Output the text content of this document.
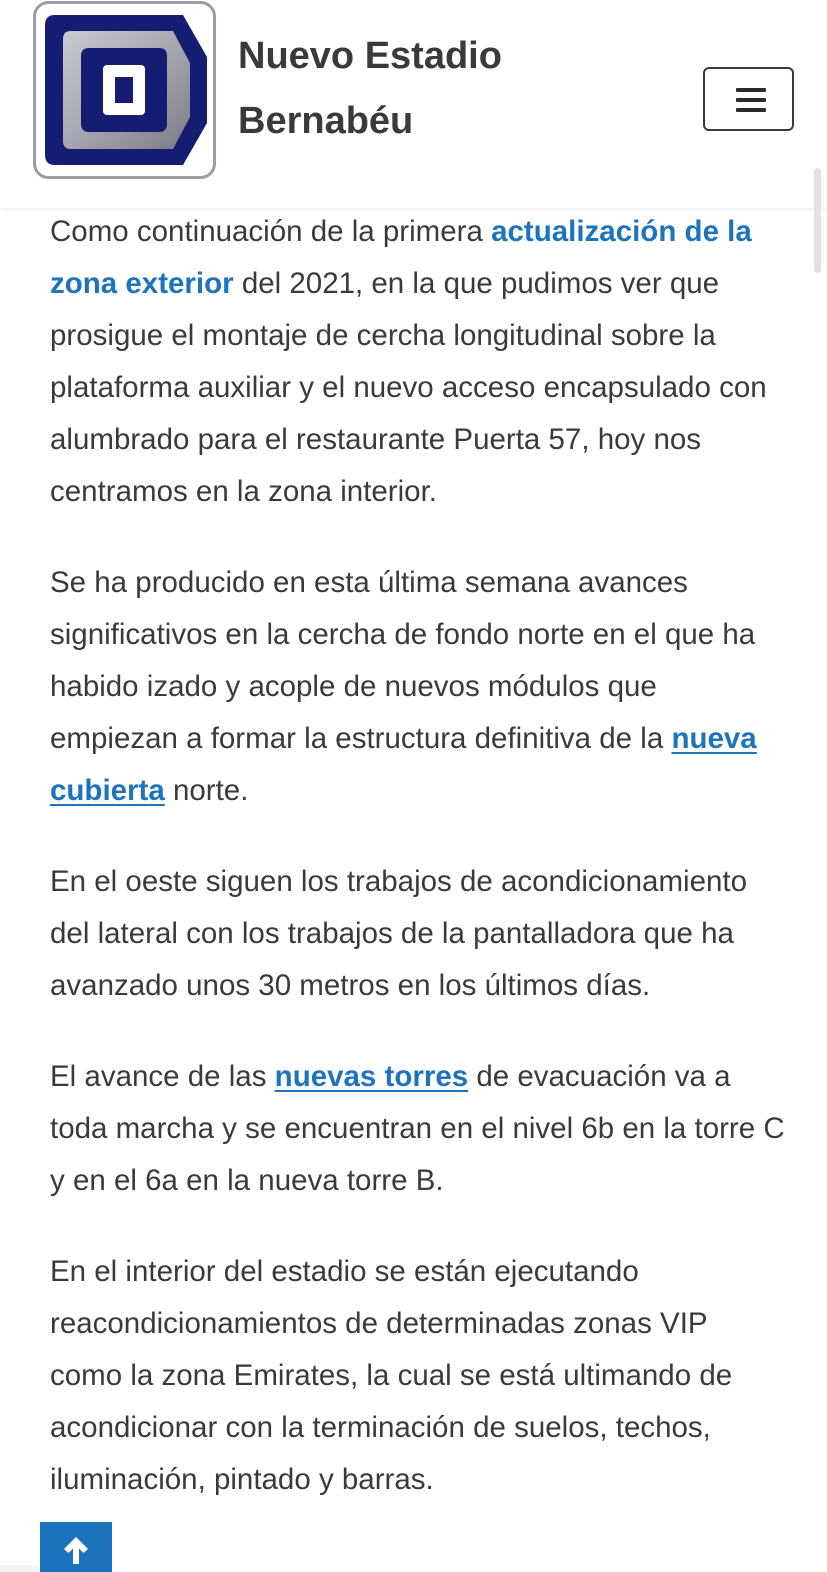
Nuevo Estadio
Bernabéu

Como continuación de la primera actualización de la zona exterior del 2021, en la que pudimos ver que prosigue el montaje de cercha longitudinal sobre la plataforma auxiliar y el nuevo acceso encapsulado con alumbrado para el restaurante Puerta 57, hoy nos centramos en la zona interior.

Se ha producido en esta última semana avances significativos en la cercha de fondo norte en el que ha habido izado y acople de nuevos módulos que empiezan a formar la estructura definitiva de la nueva cubierta norte.

En el oeste siguen los trabajos de acondicionamiento del lateral con los trabajos de la pantalladora que ha avanzado unos 30 metros en los últimos días.

El avance de las nuevas torres de evacuación va a toda marcha y se encuentran en el nivel 6b en la torre C y en el 6a en la nueva torre B.

En el interior del estadio se están ejecutando reacondicionamientos de determinadas zonas VIP como la zona Emirates, la cual se está ultimando de acondicionar con la terminación de suelos, techos, iluminación, pintado y barras.
